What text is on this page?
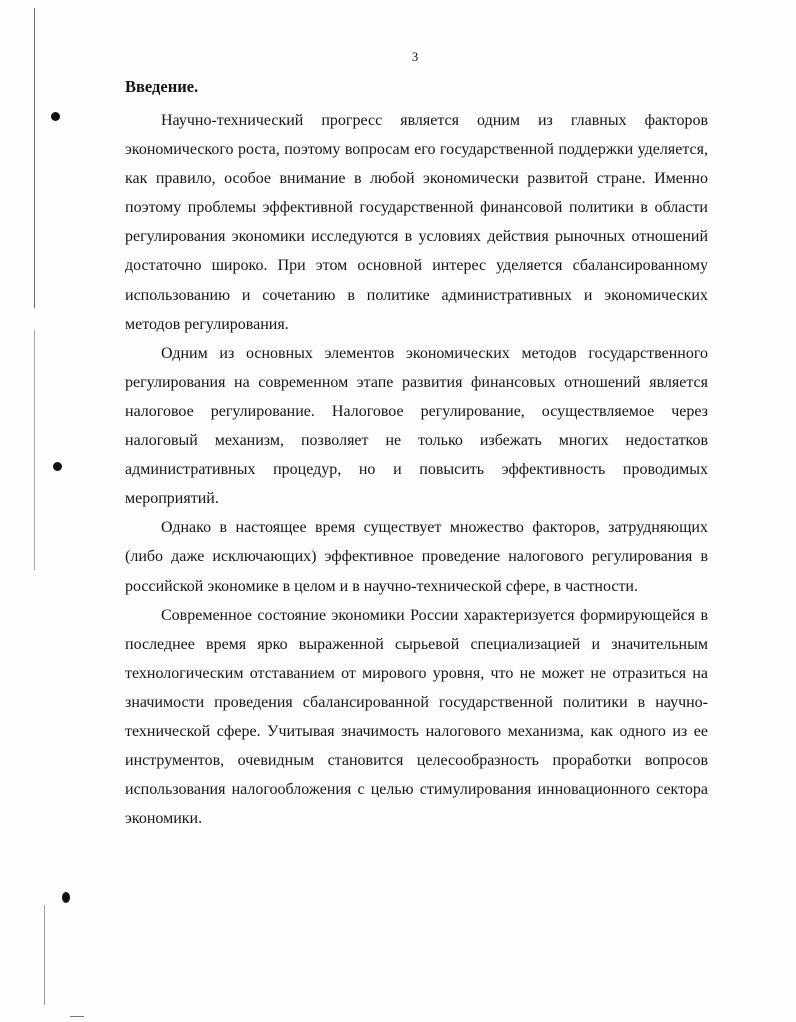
3
Введение.

Научно-технический прогресс является одним из главных факторов экономического роста, поэтому вопросам его государственной поддержки уделяется, как правило, особое внимание в любой экономически развитой стране. Именно поэтому проблемы эффективной государственной финансовой политики в области регулирования экономики исследуются в условиях действия рыночных отношений достаточно широко. При этом основной интерес уделяется сбалансированному использованию и сочетанию в политике административных и экономических методов регулирования.

Одним из основных элементов экономических методов государственного регулирования на современном этапе развития финансовых отношений является налоговое регулирование. Налоговое регулирование, осуществляемое через налоговый механизм, позволяет не только избежать многих недостатков административных процедур, но и повысить эффективность проводимых мероприятий.

Однако в настоящее время существует множество факторов, затрудняющих (либо даже исключающих) эффективное проведение налогового регулирования в российской экономике в целом и в научно-технической сфере, в частности.

Современное состояние экономики России характеризуется формирующейся в последнее время ярко выраженной сырьевой специализацией и значительным технологическим отставанием от мирового уровня, что не может не отразиться на значимости проведения сбалансированной государственной политики в научно-технической сфере. Учитывая значимость налогового механизма, как одного из ее инструментов, очевидным становится целесообразность проработки вопросов использования налогообложения с целью стимулирования инновационного сектора экономики.
